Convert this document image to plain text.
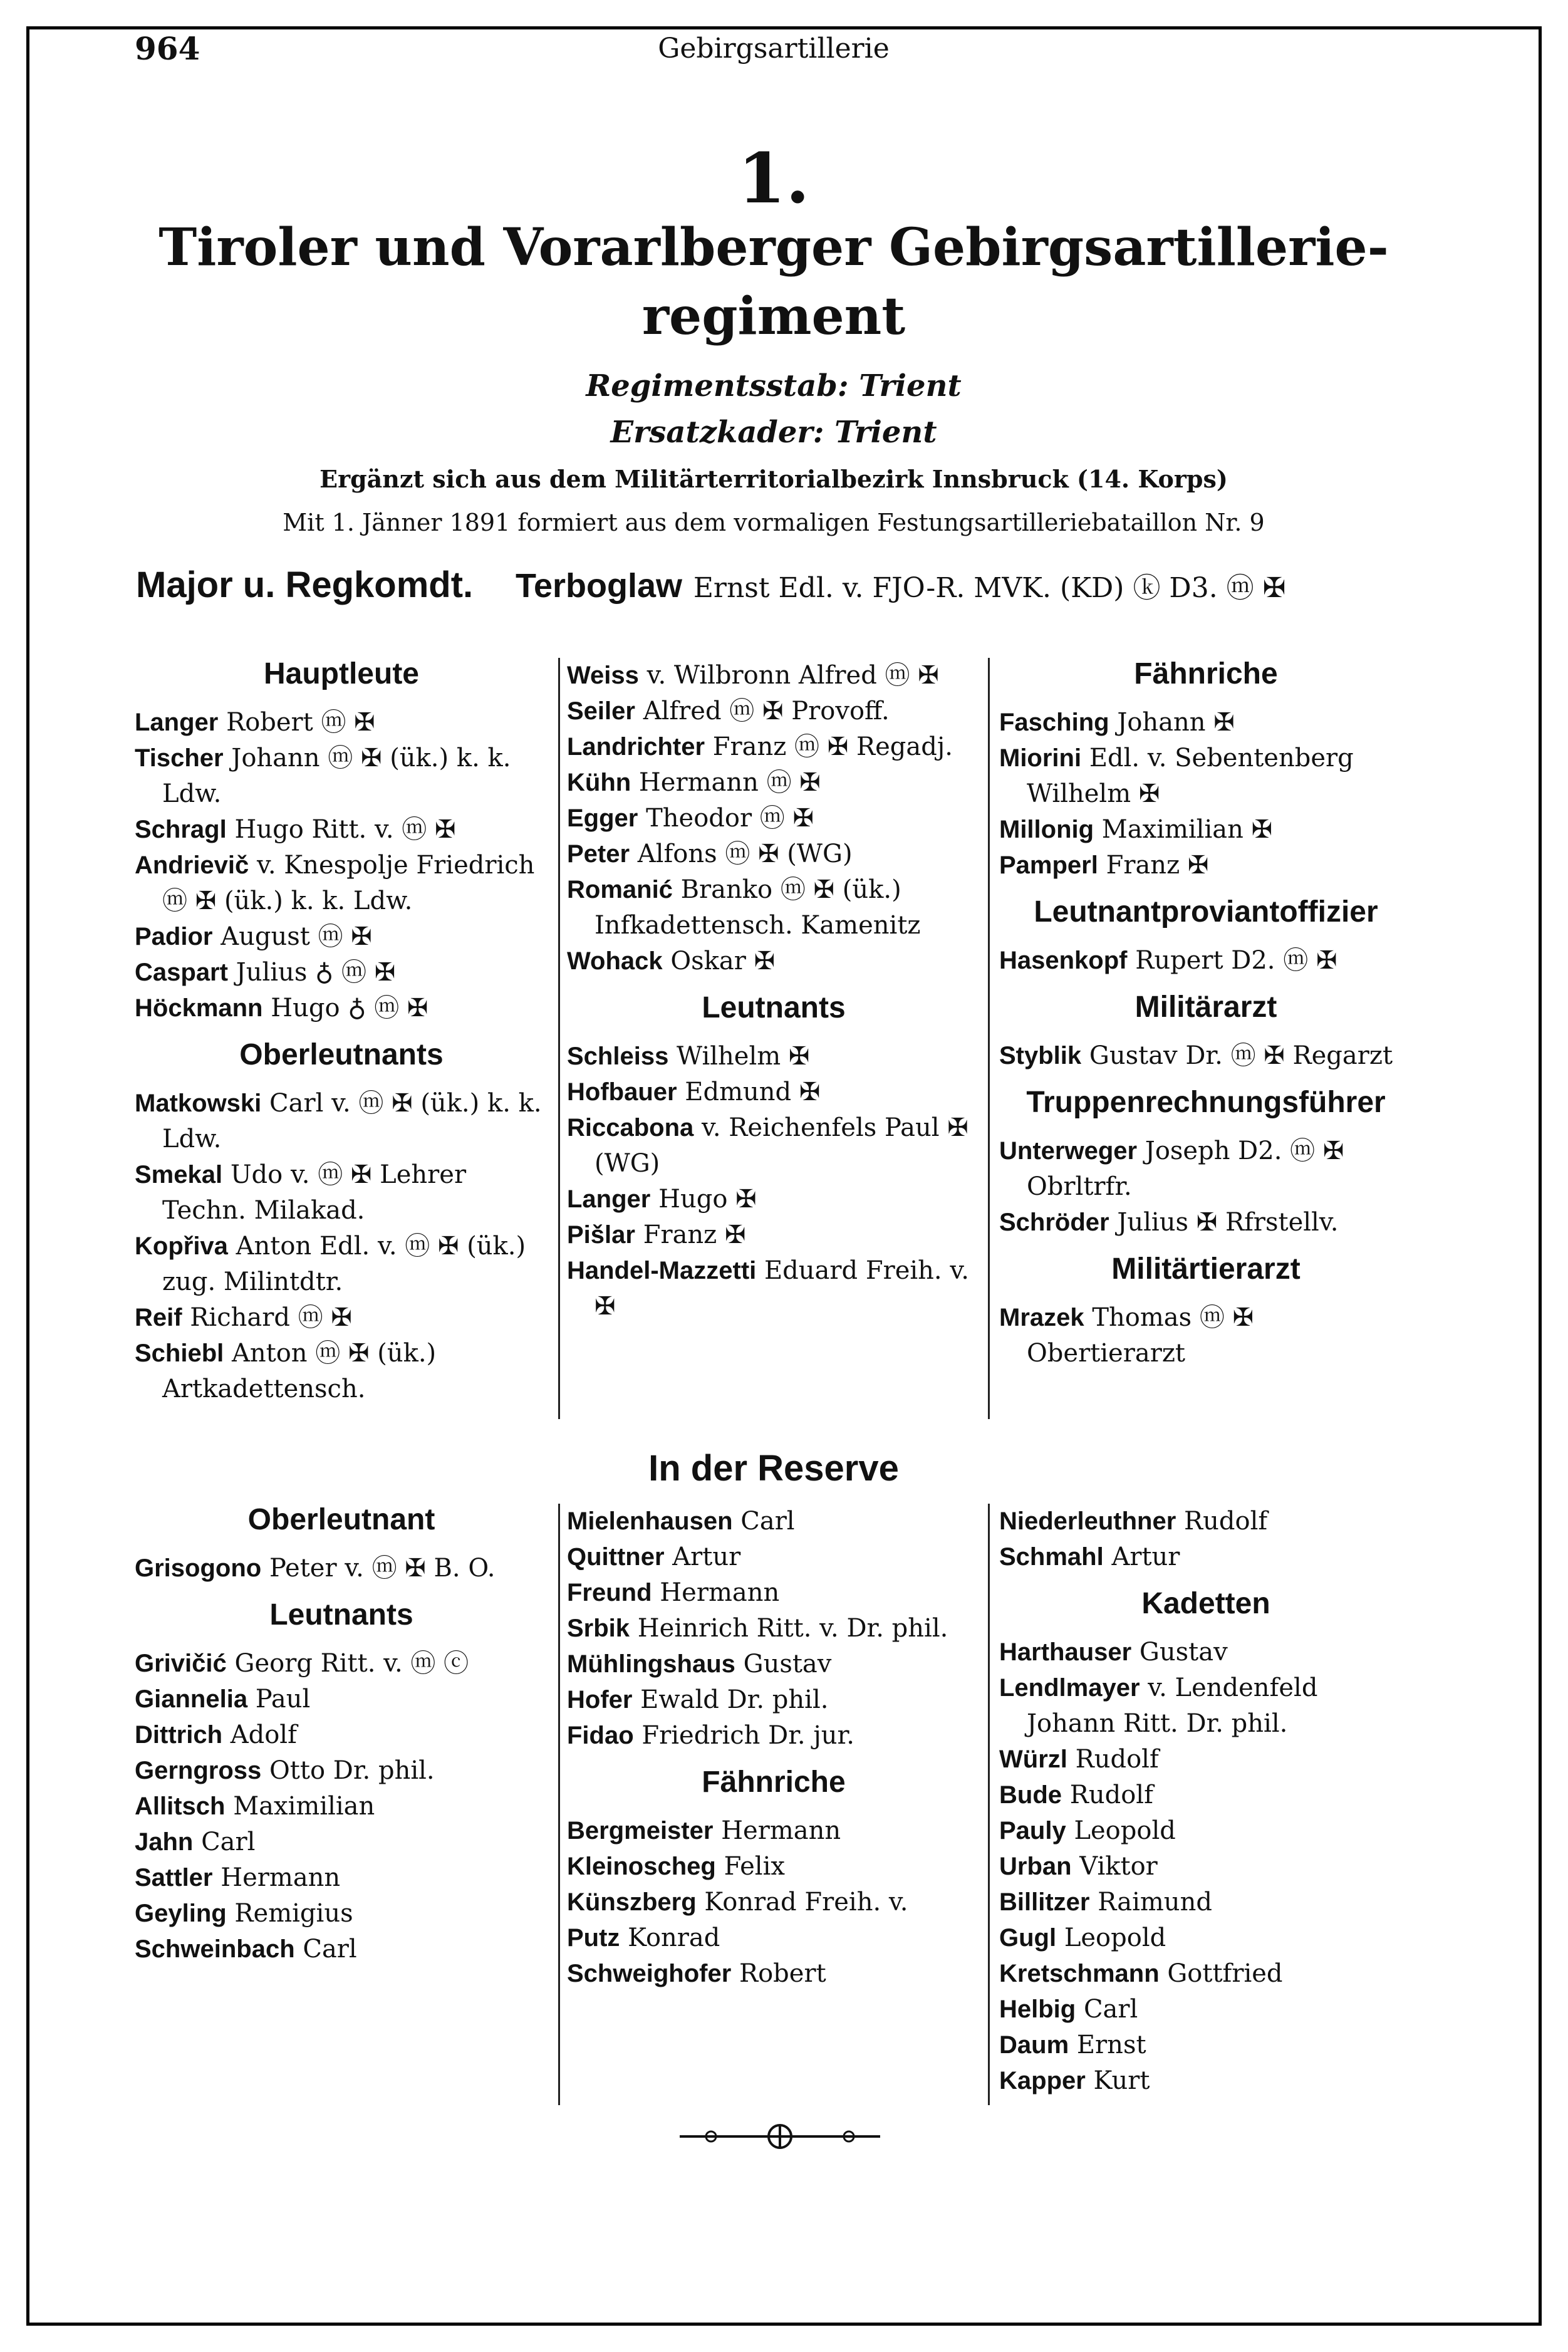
964	Gebirgsartillerie
1.
Tiroler und Vorarlberger Gebirgsartillerie-
regiment
Regimentsstab: Trient
Ersatzkader: Trient
Ergänzt sich aus dem Militärterritorialbezirk Innsbruck (14. Korps)
Mit 1. Jänner 1891 formiert aus dem vormaligen Festungsartilleriebataillon Nr. 9
Major u. Regkomdt. Terboglaw Ernst Edl. v. FJO-R. MVK. (KD) ⓚ D3. ⓜ ✠
Hauptleute
Langer Robert ⓜ ✠
Tischer Johann ⓜ ✠ (ük.) k. k. Ldw.
Schragl Hugo Ritt. v. ⓜ ✠
Andrievič v. Knespolje Friedrich ⓜ ✠ (ük.) k. k. Ldw.
Padior August ⓜ ✠
Caspart Julius ♁ ⓜ ✠
Höckmann Hugo ♁ ⓜ ✠
Oberleutnants
Matkowski Carl v. ⓜ ✠ (ük.) k. k. Ldw.
Smekal Udo v. ⓜ ✠ Lehrer Techn. Milakad.
Kopřiva Anton Edl. v. ⓜ ✠ (ük.) zug. Milintdtr.
Reif Richard ⓜ ✠
Schiebl Anton ⓜ ✠ (ük.) Artkadettensch.
Weiss v. Wilbronn Alfred ⓜ ✠
Seiler Alfred ⓜ ✠ Provoff.
Landrichter Franz ⓜ ✠ Regadj.
Kühn Hermann ⓜ ✠
Egger Theodor ⓜ ✠
Peter Alfons ⓜ ✠ (WG)
Romanić Branko ⓜ ✠ (ük.) Infkadettensch. Kamenitz
Wohack Oskar ✠
Leutnants
Schleiss Wilhelm ✠
Hofbauer Edmund ✠
Riccabona v. Reichenfels Paul ✠ (WG)
Langer Hugo ✠
Pišlar Franz ✠
Handel-Mazzetti Eduard Freih. v. ✠
Fähnriche
Fasching Johann ✠
Miorini Edl. v. Sebentenberg Wilhelm ✠
Millonig Maximilian ✠
Pamperl Franz ✠
Leutnantproviantoffizier
Hasenkopf Rupert D2. ⓜ ✠
Militärarzt
Styblik Gustav Dr. ⓜ ✠ Regarzt
Truppenrechnungsführer
Unterweger Joseph D2. ⓜ ✠ Obrltrfr.
Schröder Julius ✠ Rfrstellv.
Militärtierarzt
Mrazek Thomas ⓜ ✠ Obertierarzt
In der Reserve
Oberleutnant
Grisogono Peter v. ⓜ ✠ B. O.
Leutnants
Grivičić Georg Ritt. v. ⓜ ⓒ
Giannelia Paul
Dittrich Adolf
Gerngross Otto Dr. phil.
Allitsch Maximilian
Jahn Carl
Sattler Hermann
Geyling Remigius
Schweinbach Carl
Mielenhausen Carl
Quittner Artur
Freund Hermann
Srbik Heinrich Ritt. v. Dr. phil.
Mühlingshaus Gustav
Hofer Ewald Dr. phil.
Fidao Friedrich Dr. jur.
Fähnriche
Bergmeister Hermann
Kleinoscheg Felix
Künszberg Konrad Freih. v.
Putz Konrad
Schweighofer Robert
Niederleuthner Rudolf
Schmahl Artur
Kadetten
Harthauser Gustav
Lendlmayer v. Lendenfeld Johann Ritt. Dr. phil.
Würzl Rudolf
Bude Rudolf
Pauly Leopold
Urban Viktor
Billitzer Raimund
Gugl Leopold
Kretschmann Gottfried
Helbig Carl
Daum Ernst
Kapper Kurt
